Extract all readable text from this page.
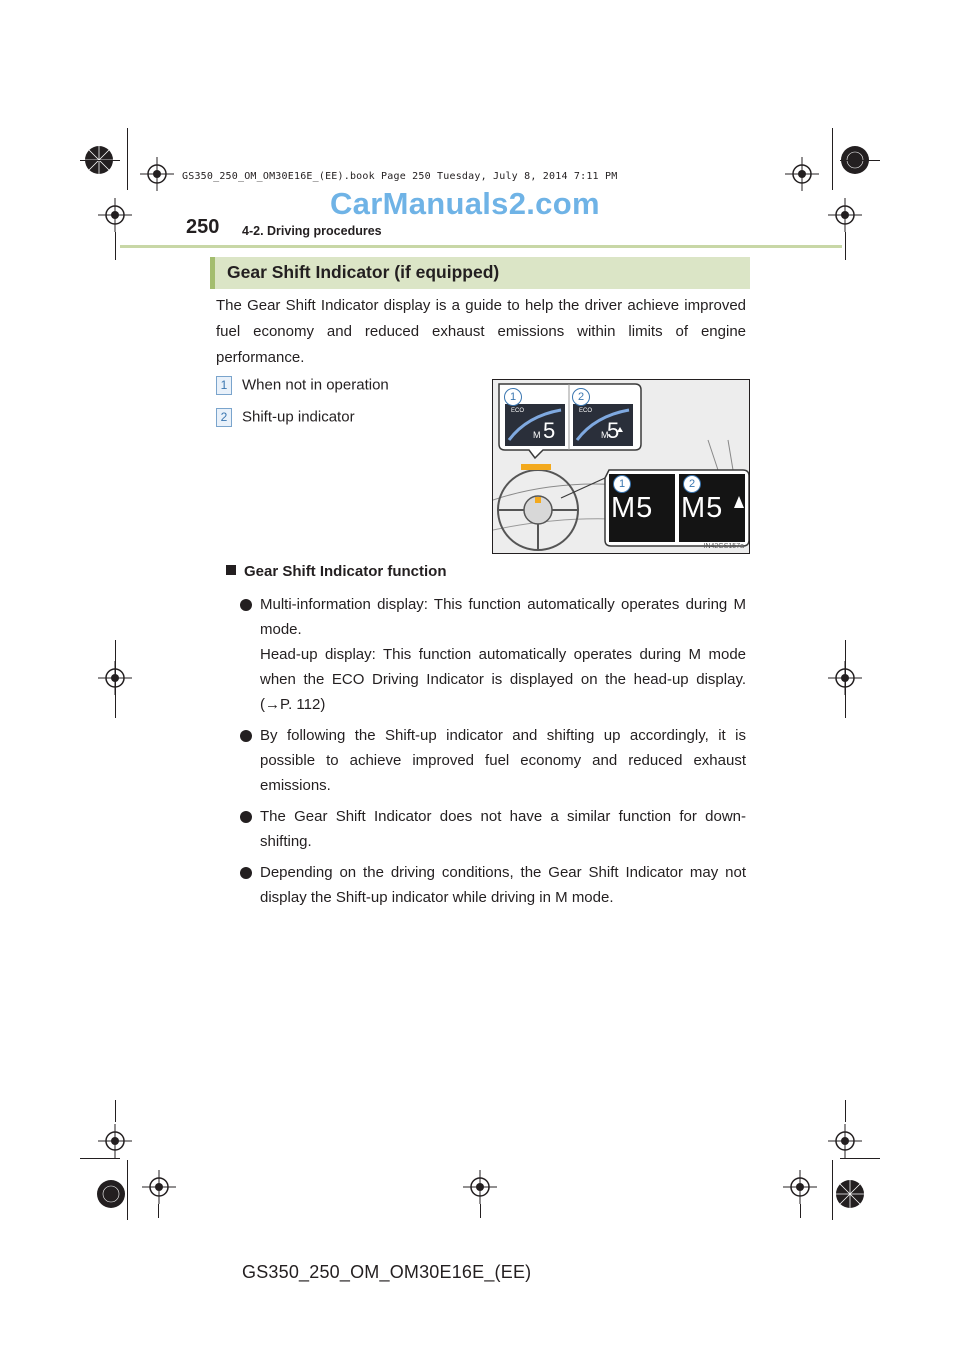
GS350_250_OM_OM30E16E_(EE).book Page 250 Tuesday, July 8, 2014 7:11 PM
CarManuals2.com
250 4-2. Driving procedures
Gear Shift Indicator (if equipped)
The Gear Shift Indicator display is a guide to help the driver achieve improved fuel economy and reduced exhaust emissions within limits of engine performance.
1 When not in operation
2 Shift-up indicator
1	2
1	2
ECO	ECO
M	M
5 5
M5 M5
IN42GS157a
Gear Shift Indicator function

Multi-information display: This function automatically operates during M mode.

Head-up display: This function automatically operates during M mode when the ECO Driving Indicator is displayed on the head-up display. (→P. 112)

By following the Shift-up indicator and shifting up accordingly, it is possible to achieve improved fuel economy and reduced exhaust emissions.

The Gear Shift Indicator does not have a similar function for down-shifting.

Depending on the driving conditions, the Gear Shift Indicator may not display the Shift-up indicator while driving in M mode.

GS350_250_OM_OM30E16E_(EE)
